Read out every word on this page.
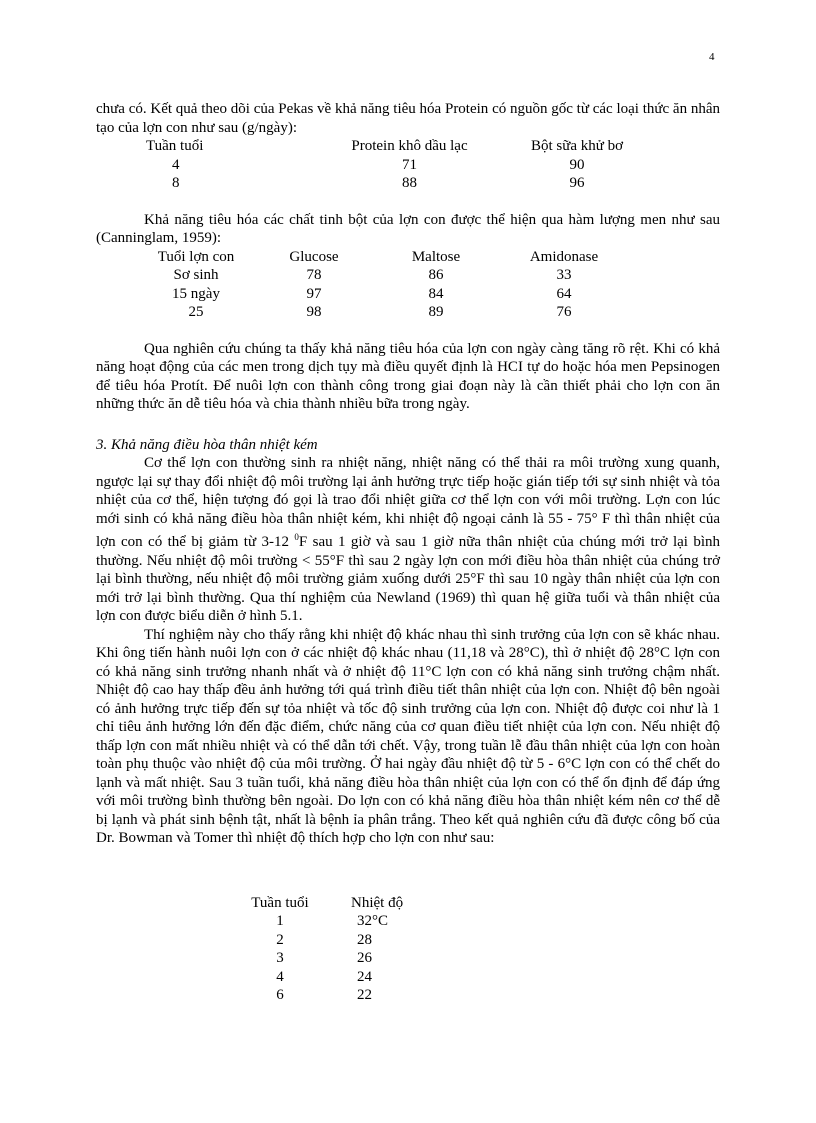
4

chưa có. Kết quả theo dõi của Pekas về khả năng tiêu hóa Protein có nguồn gốc từ các loại thức ăn nhân tạo của lợn con như sau (g/ngày):

Tuần tuổi	Protein khô dầu lạc	Bột sữa khử bơ
4	71	90
8	88	96

Khả năng tiêu hóa các chất tinh bột của lợn con được thể hiện qua hàm lượng men như sau (Canninglam, 1959):

Tuổi lợn con	Glucose	Maltose	Amidonase
Sơ sinh	78	86	33
15 ngày	97	84	64
25	98	89	76

Qua nghiên cứu chúng ta thấy khả năng tiêu hóa của lợn con ngày càng tăng rõ rệt. Khi có khả năng hoạt động của các men trong dịch tụy mà điều quyết định là HCI tự do hoặc hóa men Pepsinogen để tiêu hóa Protít. Để nuôi lợn con thành công trong giai đoạn này là cần thiết phải cho lợn con ăn những thức ăn dễ tiêu hóa và chia thành nhiều bữa trong ngày.

3. Khả năng điều hòa thân nhiệt kém

Cơ thể lợn con thường sinh ra nhiệt năng, nhiệt năng có thể thải ra môi trường xung quanh, ngược lại sự thay đổi nhiệt độ môi trường lại ảnh hưởng trực tiếp hoặc gián tiếp tới sự sinh nhiệt và tỏa nhiệt của cơ thể, hiện tượng đó gọi là trao đổi nhiệt giữa cơ thể lợn con với môi trường. Lợn con lúc mới sinh có khả năng điều hòa thân nhiệt kém, khi nhiệt độ ngoại cảnh là 55 - 75° F thì thân nhiệt của lợn con có thể bị giảm từ 3-12 $^0$F sau 1 giờ và sau 1 giờ nữa thân nhiệt của chúng mới trở lại bình thường. Nếu nhiệt độ môi trường < 55°F thì sau 2 ngày lợn con mới điều hòa thân nhiệt của chúng trở lại bình thường, nếu nhiệt độ môi trường giảm xuống dưới 25°F thì sau 10 ngày thân nhiệt của lợn con mới trở lại bình thường. Qua thí nghiệm của Newland (1969) thì quan hệ giữa tuổi và thân nhiệt của lợn con được biểu diễn ở hình 5.1.

Thí nghiệm này cho thấy rằng khi nhiệt độ khác nhau thì sinh trưởng của lợn con sẽ khác nhau. Khi ông tiến hành nuôi lợn con ở các nhiệt độ khác nhau (11,18 và 28°C), thì ở nhiệt độ 28°C lợn con có khả năng sinh trưởng nhanh nhất và ở nhiệt độ 11°C lợn con có khả năng sinh trưởng chậm nhất. Nhiệt độ cao hay thấp đều ảnh hưởng tới quá trình điều tiết thân nhiệt của lợn con. Nhiệt độ bên ngoài có ảnh hưởng trực tiếp đến sự tỏa nhiệt và tốc độ sinh trưởng của lợn con. Nhiệt độ được coi như là 1 chỉ tiêu ảnh hưởng lớn đến đặc điểm, chức năng của cơ quan điều tiết nhiệt của lợn con. Nếu nhiệt độ thấp lợn con mất nhiều nhiệt và có thể dẫn tới chết. Vậy, trong tuần lễ đầu thân nhiệt của lợn con hoàn toàn phụ thuộc vào nhiệt độ của môi trường. Ở hai ngày đầu nhiệt độ từ 5 - 6°C lợn con có thể chết do lạnh và mất nhiệt. Sau 3 tuần tuổi, khả năng điều hòa thân nhiệt của lợn con có thể ổn định để đáp ứng với môi trường bình thường bên ngoài. Do lợn con có khả năng điều hòa thân nhiệt kém nên cơ thể dễ bị lạnh và phát sinh bệnh tật, nhất là bệnh ỉa phân trắng. Theo kết quả nghiên cứu đã được công bố của Dr. Bowman và Tomer thì nhiệt độ thích hợp cho lợn con như sau:

Tuần tuổi	Nhiệt độ
1	32°C
2	28
3	26
4	24
6	22
